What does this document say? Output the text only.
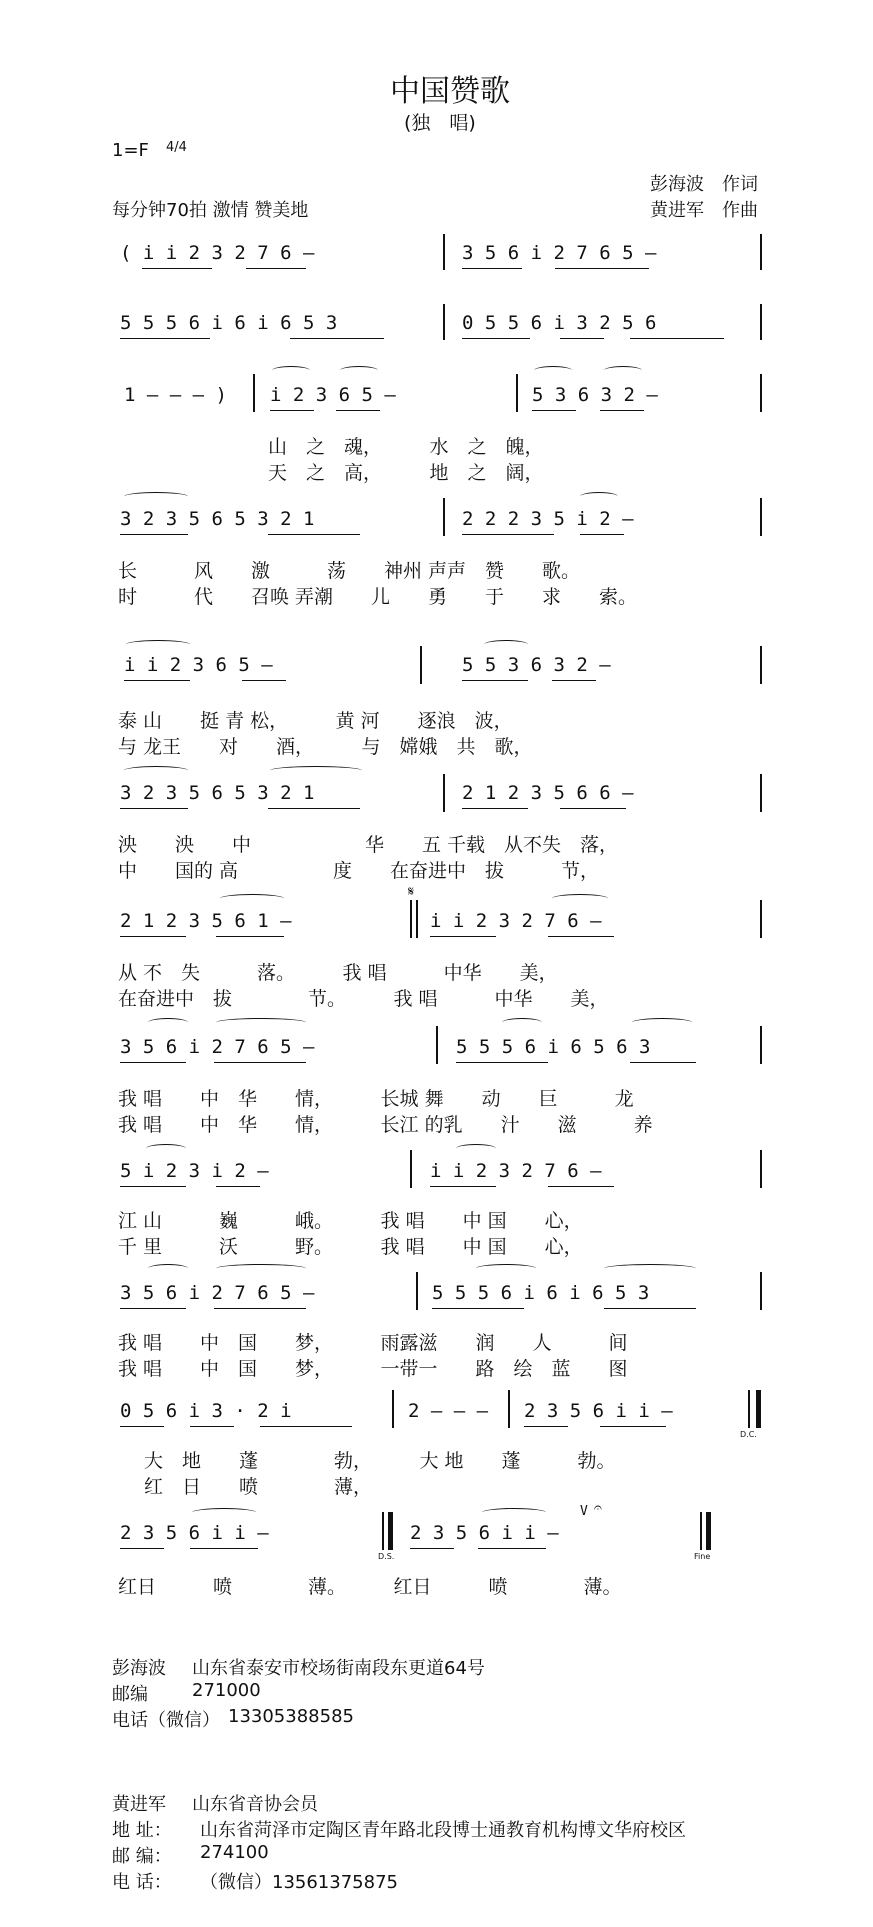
中国赞歌
(独　唱)
1=F 4/4
彭海波　作词
每分钟70拍 激情 赞美地	黄进军　作曲
( i i 2 3 2 7 6 —	3 5 6 i 2 7 6 5 —
5 5 5 6 i 6 i 6 5 3	0 5 5 6 i 3 2 5 6
1 — — — ) i 2 3 6 5 —	5 3 6 3 2 —
山　之　魂，　　　水　之　魄，
天　之　高，　　　地　之　阔，
3 2 3 5 6 5 3 2 1	2 2 2 3 5 i 2 —
长　　　风　　激　　　荡　　神州 声声　赞　　歌。
时　　　代　　召唤 弄潮　　儿　　勇　　于　　求　　索。
i i 2 3 6 5 —	5 5 3 6 3 2 —
泰 山　　挺 青 松，　　　黄 河　　逐浪　波，
与 龙王　　对　　酒，　　　与　嫦娥　共　歌，
3 2 3 5 6 5 3 2 1	2 1 2 3 5 6 6 —
泱　　泱　　中　　　　　　华　　五 千载　从不失　落，
中　　国的 高　　　　　度　　在奋进中　拔　　　节，
2 1 2 3 5 6 1 —
𝄋
i i 2 3 2 7 6 —
从 不　失　　　落。　　　我 唱　　　中华　　美，
在奋进中　拔　　　　节。　　　我 唱　　　中华　　美，
3 5 6 i 2 7 6 5 —	5 5 5 6 i 6 5 6 3
我 唱　　中　华　　情，　　　长城 舞　　动　　巨　　　龙
我 唱　　中　华　　情，　　　长江 的乳　　汁　　滋　　　养
5 i 2 3 i 2 —	i i 2 3 2 7 6 —
江 山　　　巍　　　峨。　　　我 唱　　中 国　　心，
千 里　　　沃　　　野。　　　我 唱　　中 国　　心，
3 5 6 i 2 7 6 5 —	5 5 5 6 i 6 i 6 5 3
我 唱　　中　国　　梦，　　　雨露滋　　润　　人　　　间
我 唱　　中　国　　梦，　　　一带一　　路　绘　蓝　　图
0 5 6 i 3 · 2 i	2 — — — 2 3 5 6 i i —
D.C.
大　地　　蓬　　　　勃，　　　大 地　　蓬　　　勃。
红　日　　喷　　　　薄，
2 3 5 6 i i —
D.S.
2 3 5 6 i i —
V 𝄐
Fine
红日　　　喷　　　　薄。　　　红日　　　喷　　　　薄。
彭海波 山东省泰安市校场街南段东更道64号
邮编 271000
电话（微信） 13305388585
黄进军 山东省音协会员
地 址： 山东省菏泽市定陶区青年路北段博士通教育机构博文华府校区
邮 编： 274100
电 话： （微信）13561375875
